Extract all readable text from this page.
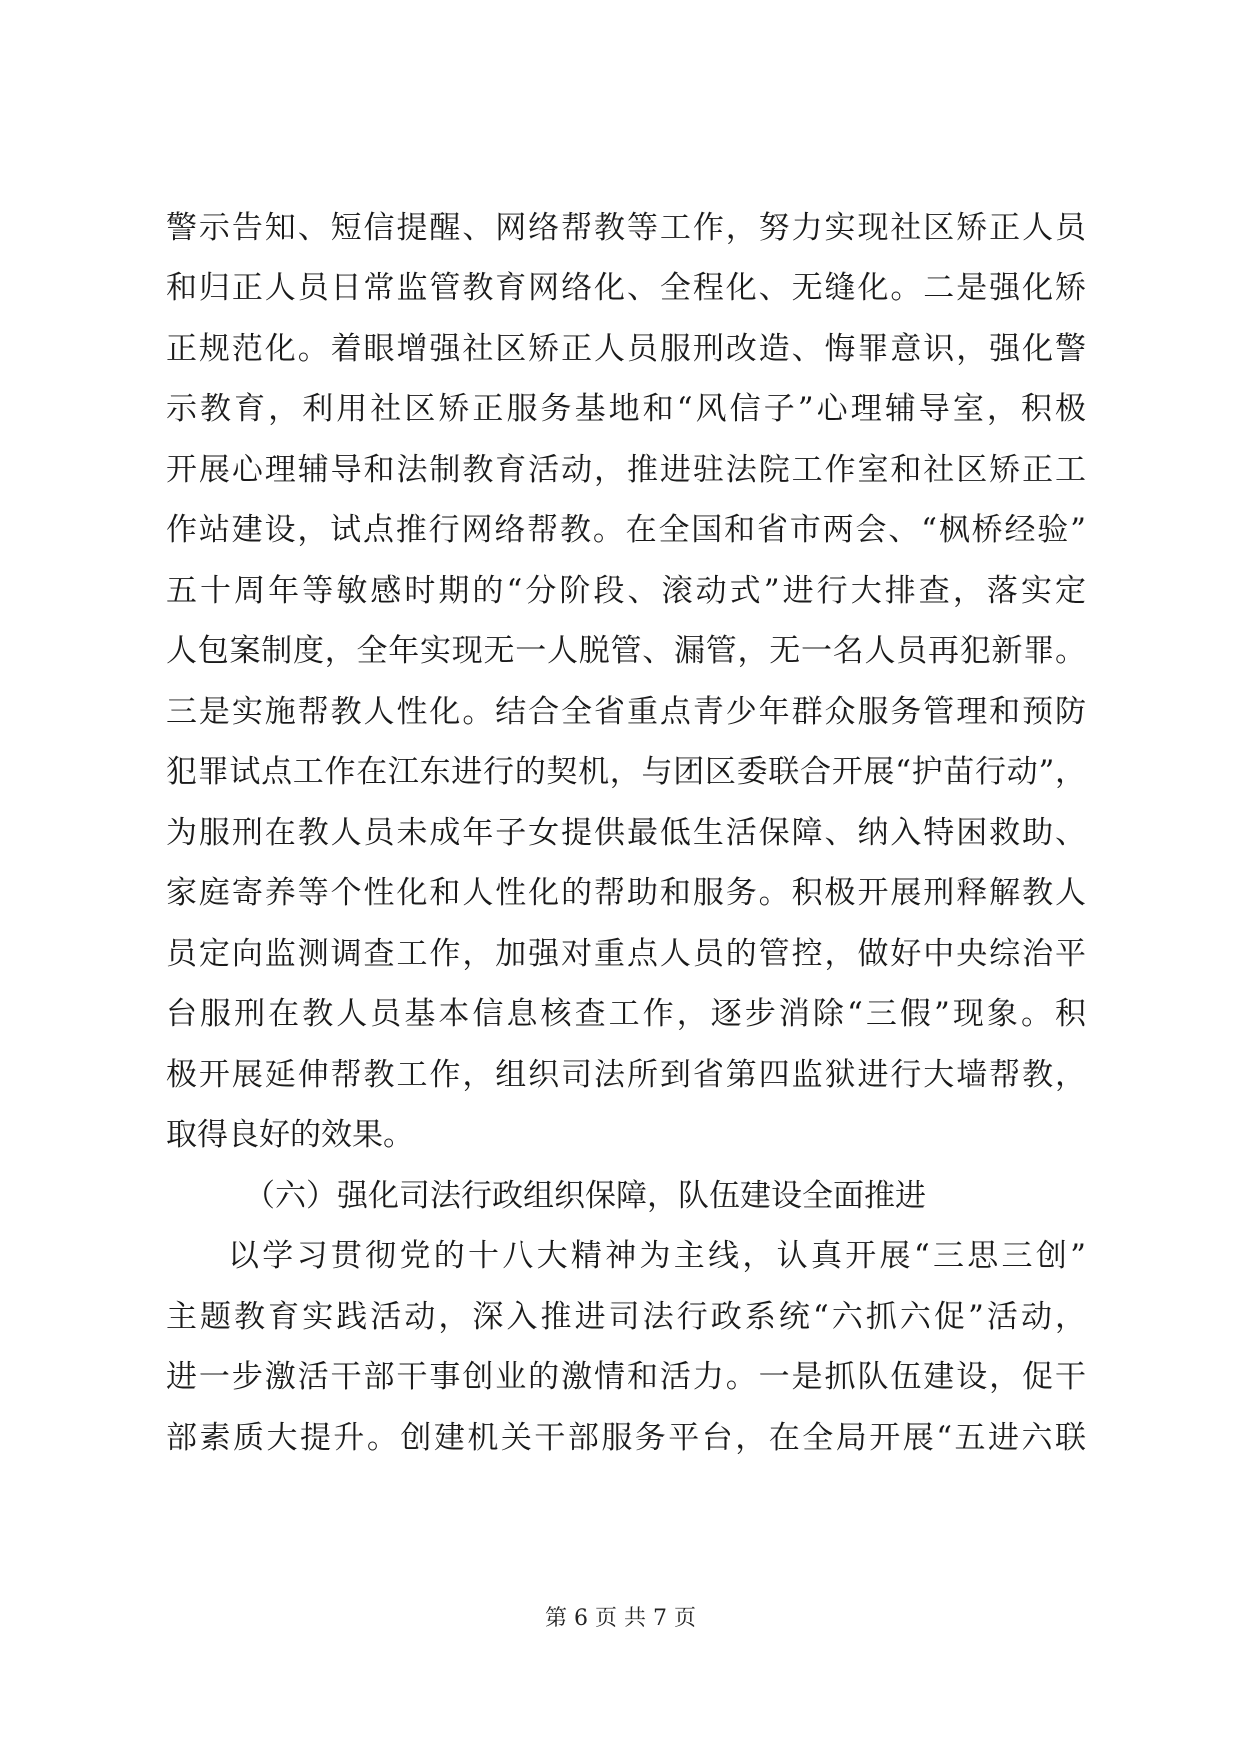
警示告知、短信提醒、网络帮教等工作，努力实现社区矫正人员
和归正人员日常监管教育网络化、全程化、无缝化。二是强化矫
正规范化。着眼增强社区矫正人员服刑改造、悔罪意识，强化警
示教育，利用社区矫正服务基地和“风信子”心理辅导室，积极
开展心理辅导和法制教育活动，推进驻法院工作室和社区矫正工
作站建设，试点推行网络帮教。在全国和省市两会、“枫桥经验”
五十周年等敏感时期的“分阶段、滚动式”进行大排查，落实定
人包案制度，全年实现无一人脱管、漏管，无一名人员再犯新罪。
三是实施帮教人性化。结合全省重点青少年群众服务管理和预防
犯罪试点工作在江东进行的契机，与团区委联合开展“护苗行动”，
为服刑在教人员未成年子女提供最低生活保障、纳入特困救助、
家庭寄养等个性化和人性化的帮助和服务。积极开展刑释解教人
员定向监测调查工作，加强对重点人员的管控，做好中央综治平
台服刑在教人员基本信息核查工作，逐步消除“三假”现象。积
极开展延伸帮教工作，组织司法所到省第四监狱进行大墙帮教，
取得良好的效果。
（六）强化司法行政组织保障，队伍建设全面推进
以学习贯彻党的十八大精神为主线，认真开展“三思三创”
主题教育实践活动，深入推进司法行政系统“六抓六促”活动，
进一步激活干部干事创业的激情和活力。一是抓队伍建设，促干
部素质大提升。创建机关干部服务平台，在全局开展“五进六联
第 6 页 共 7 页
